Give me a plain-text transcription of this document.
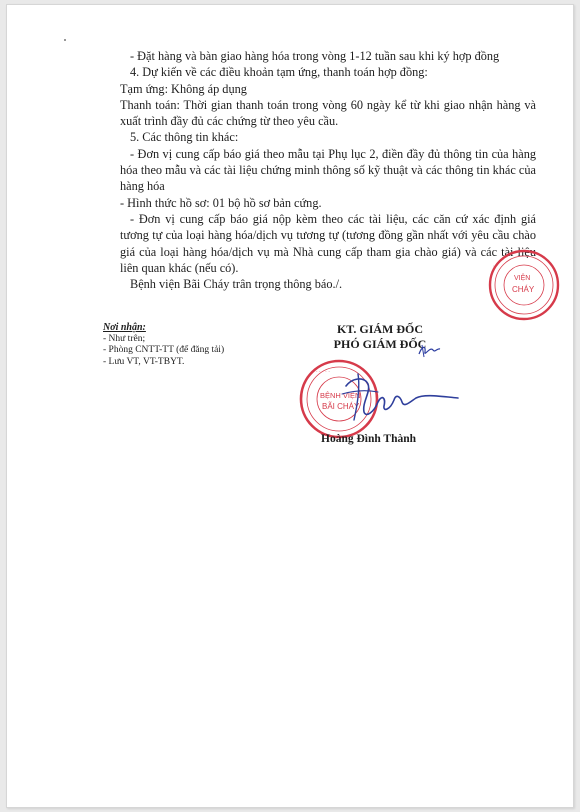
- Đặt hàng và bàn giao hàng hóa trong vòng 1-12 tuần sau khi ký hợp đồng

4. Dự kiến về các điều khoản tạm ứng, thanh toán hợp đồng:

Tạm ứng: Không áp dụng

Thanh toán: Thời gian thanh toán trong vòng 60 ngày kể từ khi giao nhận hàng và xuất trình đầy đủ các chứng từ theo yêu cầu.

5. Các thông tin khác:

- Đơn vị cung cấp báo giá theo mẫu tại Phụ lục 2, điền đầy đủ thông tin của hàng hóa theo mẫu và các tài liệu chứng minh thông số kỹ thuật và các thông tin khác của hàng hóa

- Hình thức hồ sơ: 01 bộ hồ sơ bản cứng.

- Đơn vị cung cấp báo giá nộp kèm theo các tài liệu, các căn cứ xác định giá tương tự của loại hàng hóa/dịch vụ tương tự (tương đồng gần nhất với yêu cầu chào giá của loại hàng hóa/dịch vụ mà Nhà cung cấp tham gia chào giá) và các tài liệu liên quan khác (nếu có).

Bệnh viện Bãi Cháy trân trọng thông báo./.

Nơi nhận:
- Như trên;
- Phòng CNTT-TT (để đăng tải)
- Lưu VT, VT-TBYT.
KT. GIÁM ĐỐC
PHÓ GIÁM ĐỐC
VIỆN
CHÁY
· · · · ·
· · · · ·
BỆNH VIỆN
BÃI CHÁY
Hoàng Đình Thành
